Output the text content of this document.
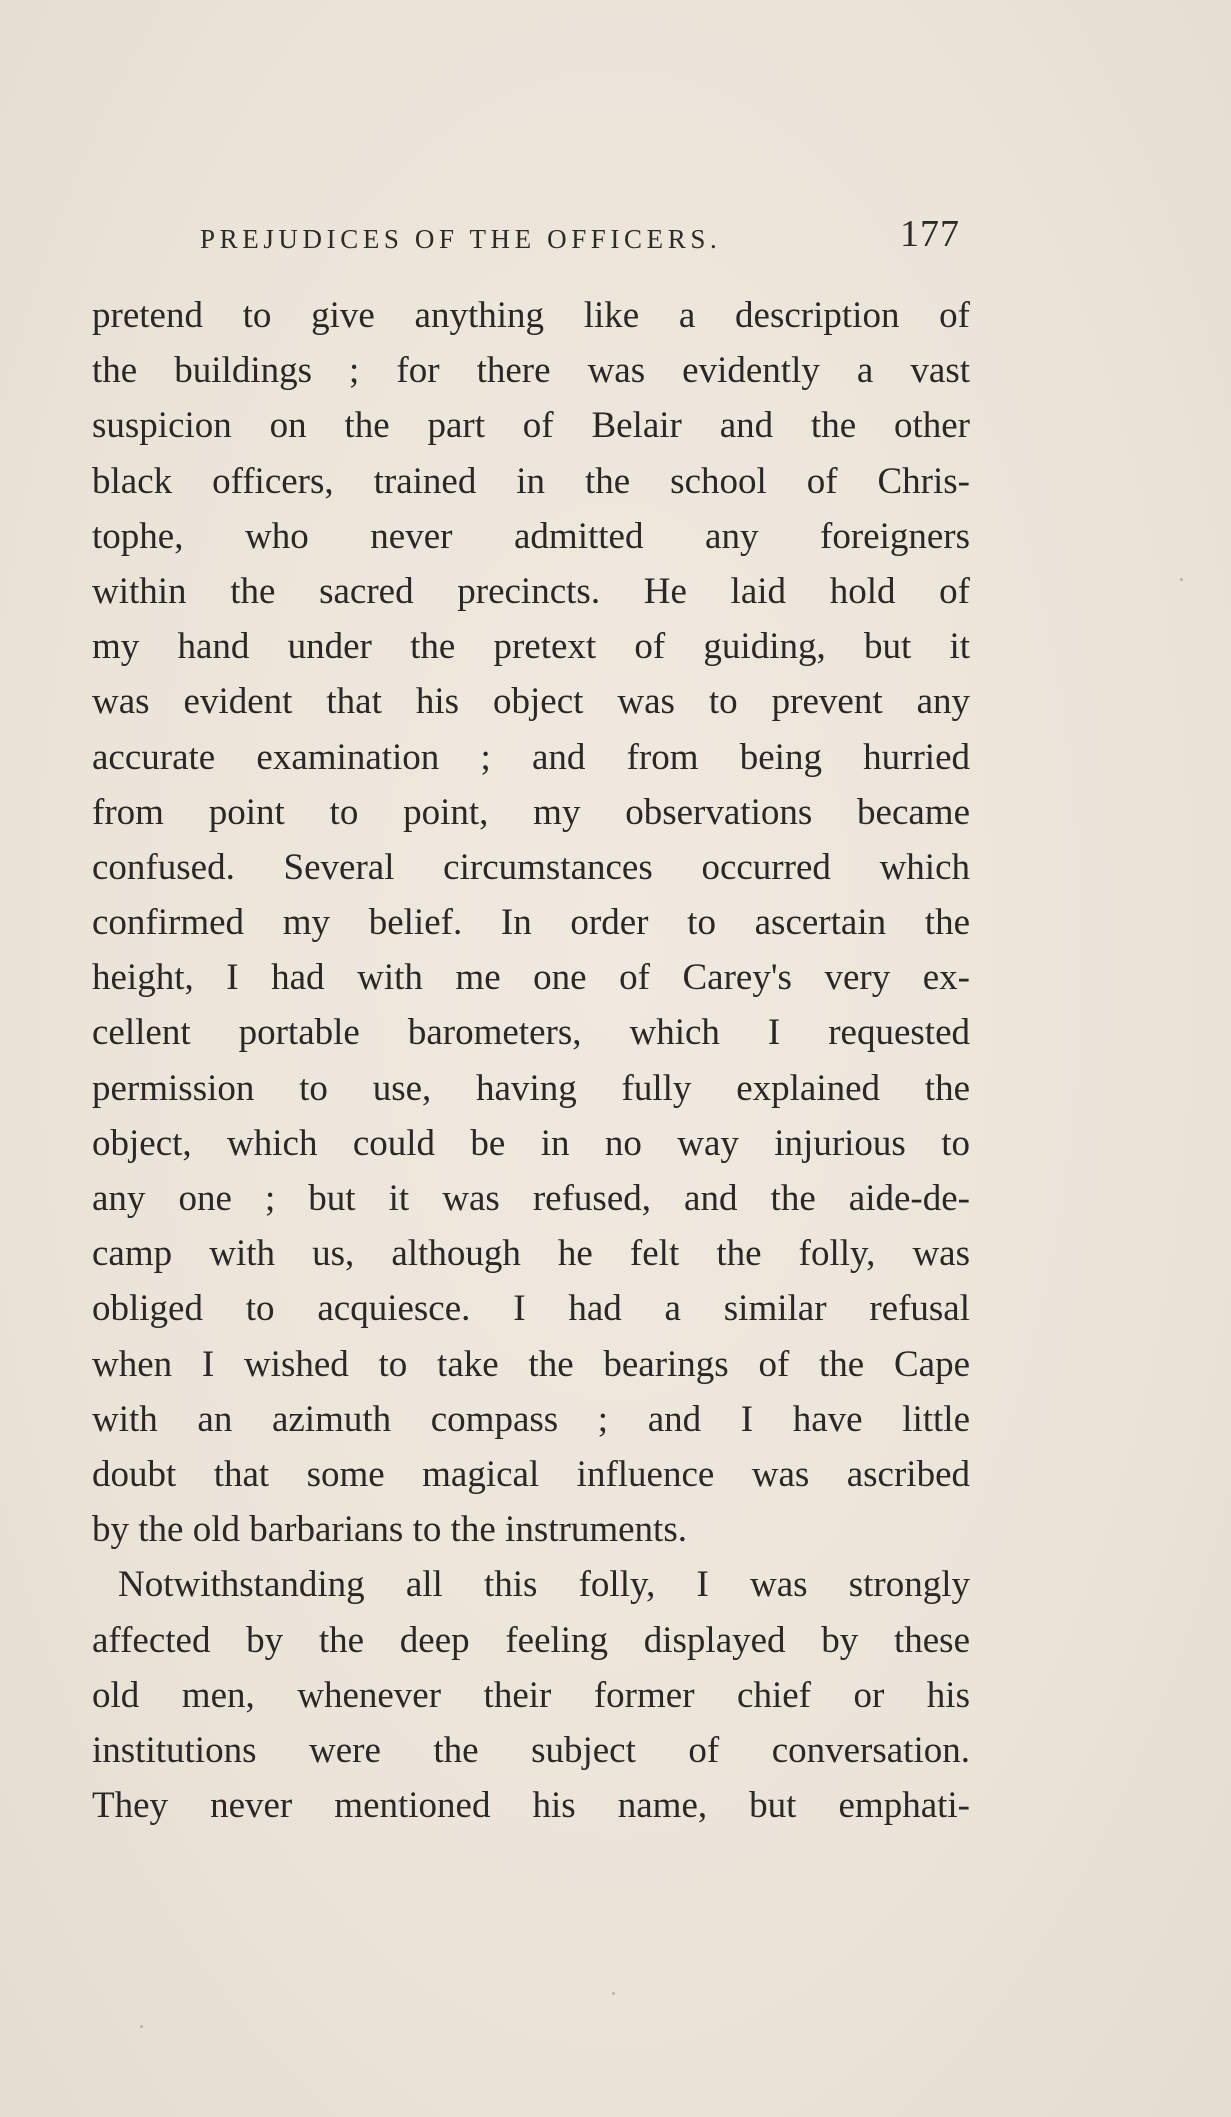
PREJUDICES OF THE OFFICERS.	177
pretend to give anything like a description of
the buildings ; for there was evidently a vast
suspicion on the part of Belair and the other
black officers, trained in the school of Chris-
tophe, who never admitted any foreigners
within the sacred precincts. He laid hold of
my hand under the pretext of guiding, but it
was evident that his object was to prevent any
accurate examination ; and from being hurried
from point to point, my observations became
confused. Several circumstances occurred which
confirmed my belief. In order to ascertain the
height, I had with me one of Carey's very ex-
cellent portable barometers, which I requested
permission to use, having fully explained the
object, which could be in no way injurious to
any one ; but it was refused, and the aide-de-
camp with us, although he felt the folly, was
obliged to acquiesce. I had a similar refusal
when I wished to take the bearings of the Cape
with an azimuth compass ; and I have little
doubt that some magical influence was ascribed
by the old barbarians to the instruments.
Notwithstanding all this folly, I was strongly
affected by the deep feeling displayed by these
old men, whenever their former chief or his
institutions were the subject of conversation.
They never mentioned his name, but emphati-
